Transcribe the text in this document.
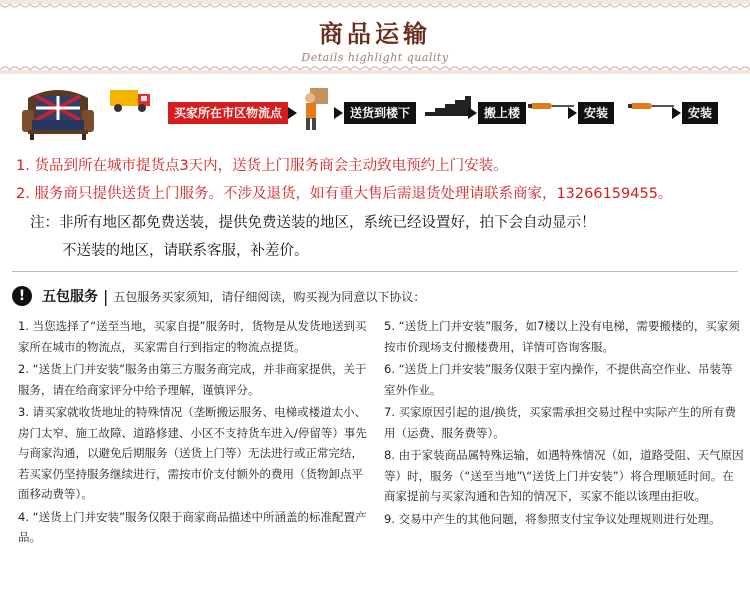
商品运输
Details highlight quality
买家所在市区物流点	送货到楼下	搬上楼	安装	安装
1. 货品到所在城市提货点3天内，送货上门服务商会主动致电预约上门安装。
2. 服务商只提供送货上门服务。不涉及退货，如有重大售后需退货处理请联系商家，13266159455。
注：非所有地区都免费送装，提供免费送装的地区，系统已经设置好，拍下会自动显示！
不送装的地区，请联系客服，补差价。
!	五包服务 | 五包服务买家须知，请仔细阅读，购买视为同意以下协议：

1. 当您选择了“送至当地，买家自提”服务时，货物是从发货地送到买家所在城市的物流点，买家需自行到指定的物流点提货。

2. “送货上门并安装”服务由第三方服务商完成，并非商家提供，关于服务，请在给商家评分中给予理解，谨慎评分。

3. 请买家就收货地址的特殊情况（垄断搬运服务、电梯或楼道太小、房门太窄、施工故障、道路修建、小区不支持货车进入/停留等）事先与商家沟通，以避免后期服务（送货上门等）无法进行或正常完结，若买家仍坚持服务继续进行，需按市价支付额外的费用（货物卸点平面移动费等）。

4. “送货上门并安装”服务仅限于商家商品描述中所涵盖的标准配置产品。

5. “送货上门并安装”服务，如7楼以上没有电梯，需要搬楼的，买家须按市价现场支付搬楼费用，详情可咨询客服。

6. “送货上门并安装”服务仅限于室内操作，不提供高空作业、吊装等室外作业。

7. 买家原因引起的退/换货，买家需承担交易过程中实际产生的所有费用（运费、服务费等）。

8. 由于家装商品属特殊运输，如遇特殊情况（如，道路受阻、天气原因等）时，服务（“送至当地”\“送货上门并安装”）将合理顺延时间。在商家提前与买家沟通和告知的情况下，买家不能以该理由拒收。

9. 交易中产生的其他问题，将参照支付宝争议处理规则进行处理。
